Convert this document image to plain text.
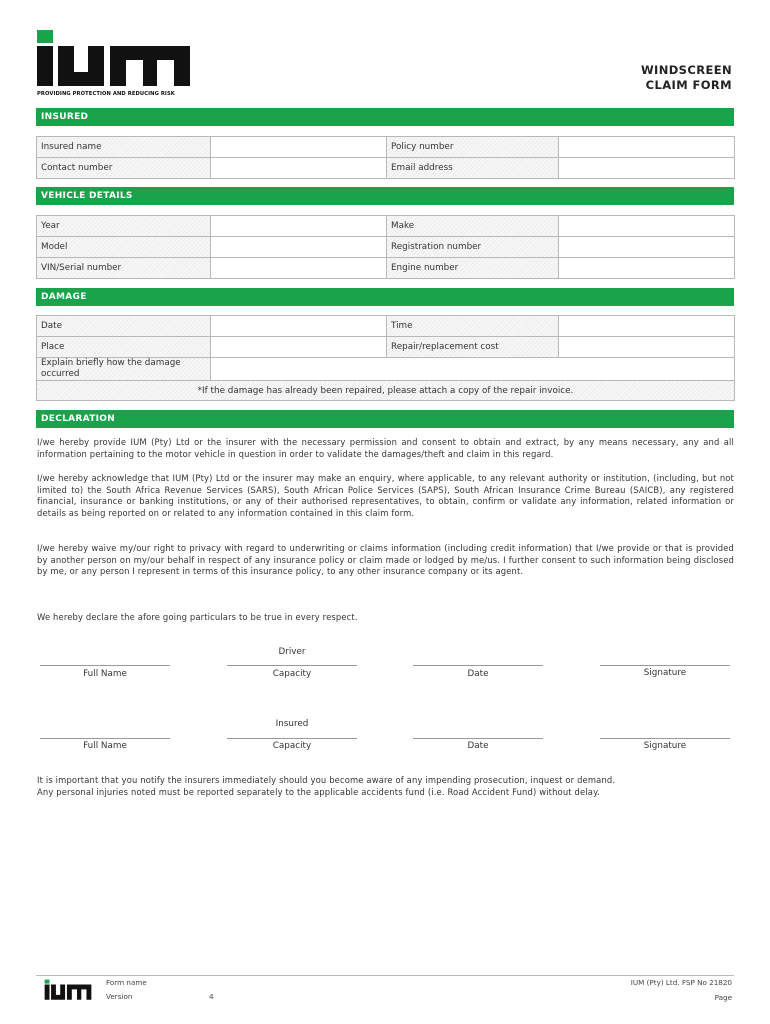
PROVIDING PROTECTION AND REDUCING RISK
WINDSCREEN
CLAIM FORM
INSURED
Insured name		Policy number	
Contact number		Email address	
VEHICLE DETAILS
Year		Make	
Model		Registration number	
VIN/Serial number		Engine number	
DAMAGE
Date		Time	
Place		Repair/replacement cost	
Explain briefly how the damage occurred			
*If the damage has already been repaired, please attach a copy of the repair invoice.			
DECLARATION
I/we hereby provide IUM (Pty) Ltd or the insurer with the necessary permission and consent to obtain and extract, by any means necessary, any and all information pertaining to the motor vehicle in question in order to validate the damages/theft and claim in this regard.
I/we hereby acknowledge that IUM (Pty) Ltd or the insurer may make an enquiry, where applicable, to any relevant authority or institution, (including, but not limited to) the South Africa Revenue Services (SARS), South African Police Services (SAPS), South African Insurance Crime Bureau (SAICB), any registered financial, insurance or banking institutions, or any of their authorised representatives, to obtain, confirm or validate any information, related information or details as being reported on or related to any information contained in this claim form.
I/we hereby waive my/our right to privacy with regard to underwriting or claims information (including credit information) that I/we provide or that is provided by another person on my/our behalf in respect of any insurance policy or claim made or lodged by me/us. I further consent to such information being disclosed by me, or any person I represent in terms of this insurance policy, to any other insurance company or its agent.
We hereby declare the afore going particulars to be true in every respect.
Driver
Full Name	Capacity	Date	Signature
Insured
Full Name	Capacity	Date	Signature
It is important that you notify the insurers immediately should you become aware of any impending prosecution, inquest or demand.
Any personal injuries noted must be reported separately to the applicable accidents fund (i.e. Road Accident Fund) without delay.
Form name
Version	4
IUM (Pty) Ltd. FSP No 21820
Page
